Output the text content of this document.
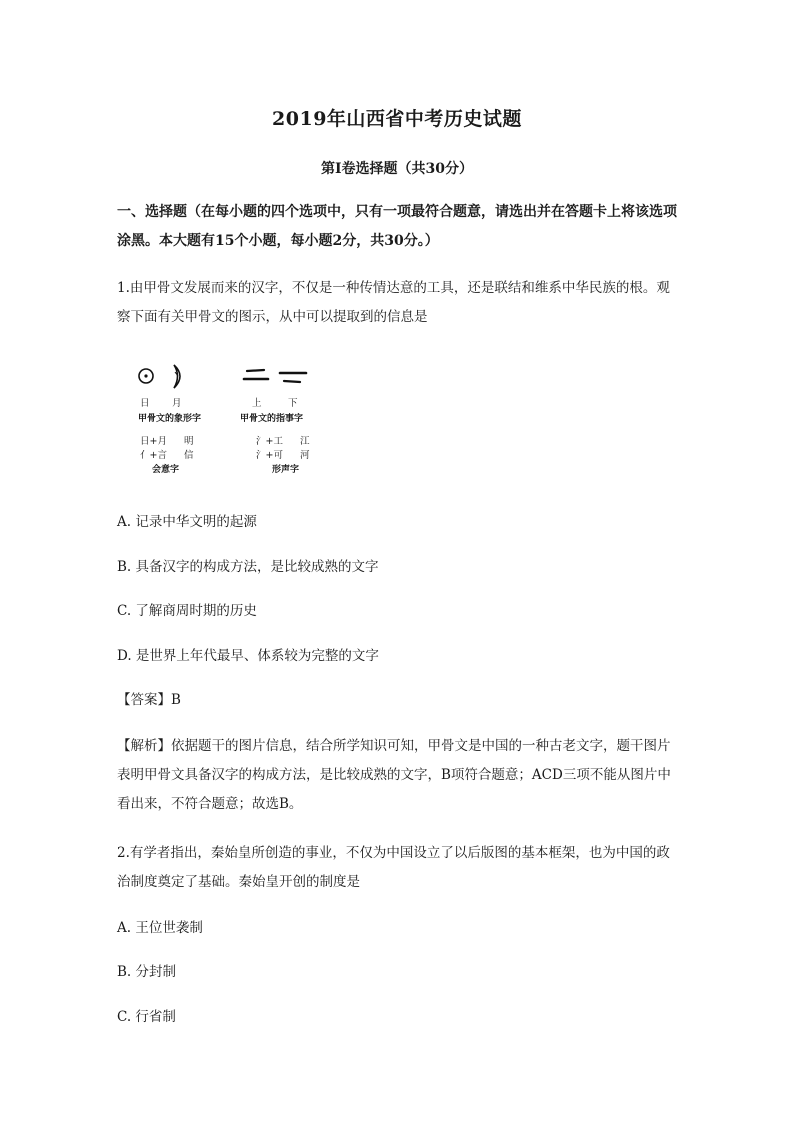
2019年山西省中考历史试题
第Ⅰ卷选择题（共30分）
一、选择题（在每小题的四个选项中，只有一项最符合题意，请选出并在答题卡上将该选项涂黑。本大题有15个小题，每小题2分，共30分。）
1.由甲骨文发展而来的汉字，不仅是一种传情达意的工具，还是联结和维系中华民族的根。观察下面有关甲骨文的图示，从中可以提取到的信息是
日 月
甲骨文的象形字
上	下
甲骨文的指事字
日+月 明
亻+言 信
会意字
氵+工 江
氵+可 河
形声字
A. 记录中华文明的起源
B. 具备汉字的构成方法，是比较成熟的文字
C. 了解商周时期的历史
D. 是世界上年代最早、体系较为完整的文字
【答案】B
【解析】依据题干的图片信息，结合所学知识可知，甲骨文是中国的一种古老文字，题干图片表明甲骨文具备汉字的构成方法，是比较成熟的文字，B项符合题意；ACD三项不能从图片中看出来，不符合题意；故选B。
2.有学者指出，秦始皇所创造的事业，不仅为中国设立了以后版图的基本框架，也为中国的政治制度奠定了基础。秦始皇开创的制度是
A. 王位世袭制
B. 分封制
C. 行省制
